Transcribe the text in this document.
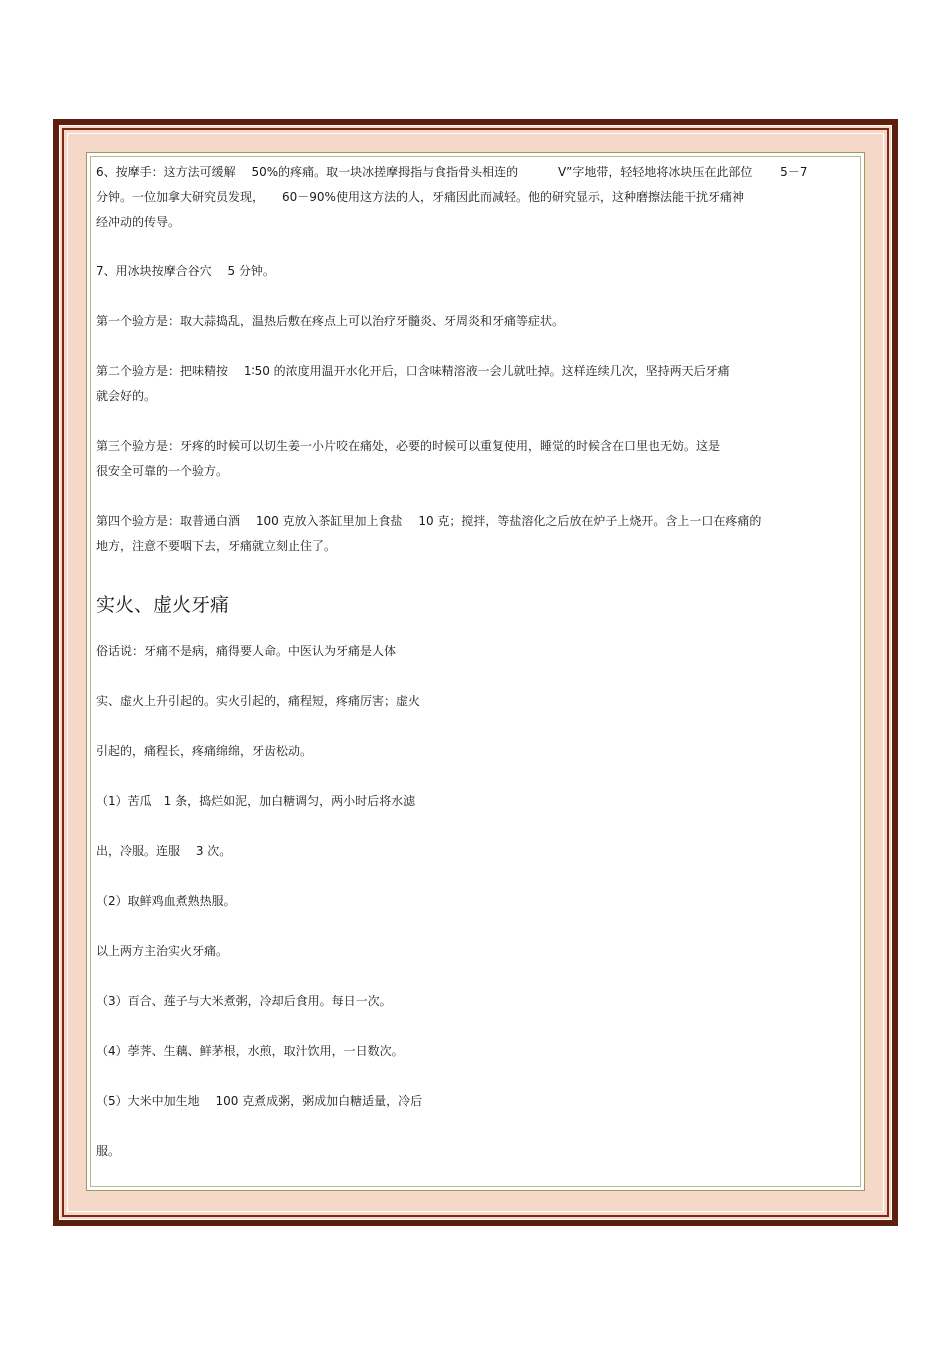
6、按摩手：这方法可缓解　 50%的疼痛。取一块冰搓摩拇指与食指骨头相连的　　　 V”字地带，轻轻地将冰块压在此部位　　 5－7

分钟。一位加拿大研究员发现，　　60－90%使用这方法的人，牙痛因此而减轻。他的研究显示，这种磨擦法能干扰牙痛神

经冲动的传导。

7、用冰块按摩合谷穴　 5 分钟。

第一个验方是：取大蒜捣乱，温热后敷在疼点上可以治疗牙髓炎、牙周炎和牙痛等症状。

第二个验方是：把味精按　 1∶50 的浓度用温开水化开后，口含味精溶液一会儿就吐掉。这样连续几次，坚持两天后牙痛

就会好的。

第三个验方是：牙疼的时候可以切生姜一小片咬在痛处，必要的时候可以重复使用，睡觉的时候含在口里也无妨。这是

很安全可靠的一个验方。

第四个验方是：取普通白酒　 100 克放入茶缸里加上食盐　 10 克；搅拌，等盐溶化之后放在炉子上烧开。含上一口在疼痛的

地方，注意不要咽下去，牙痛就立刻止住了。

实火、虚火牙痛

俗话说：牙痛不是病，痛得要人命。中医认为牙痛是人体

实、虚火上升引起的。实火引起的，痛程短，疼痛厉害；虚火

引起的，痛程长，疼痛绵绵，牙齿松动。

（1）苦瓜　1 条，捣烂如泥，加白糖调匀，两小时后将水滤

出，冷服。连服　 3 次。

（2）取鲜鸡血煮熟热服。

以上两方主治实火牙痛。

（3）百合、莲子与大米煮粥，冷却后食用。每日一次。

（4）荸荠、生藕、鲜茅根，水煎，取汁饮用，一日数次。

（5）大米中加生地　 100 克煮成粥，粥成加白糖适量，冷后

服。
